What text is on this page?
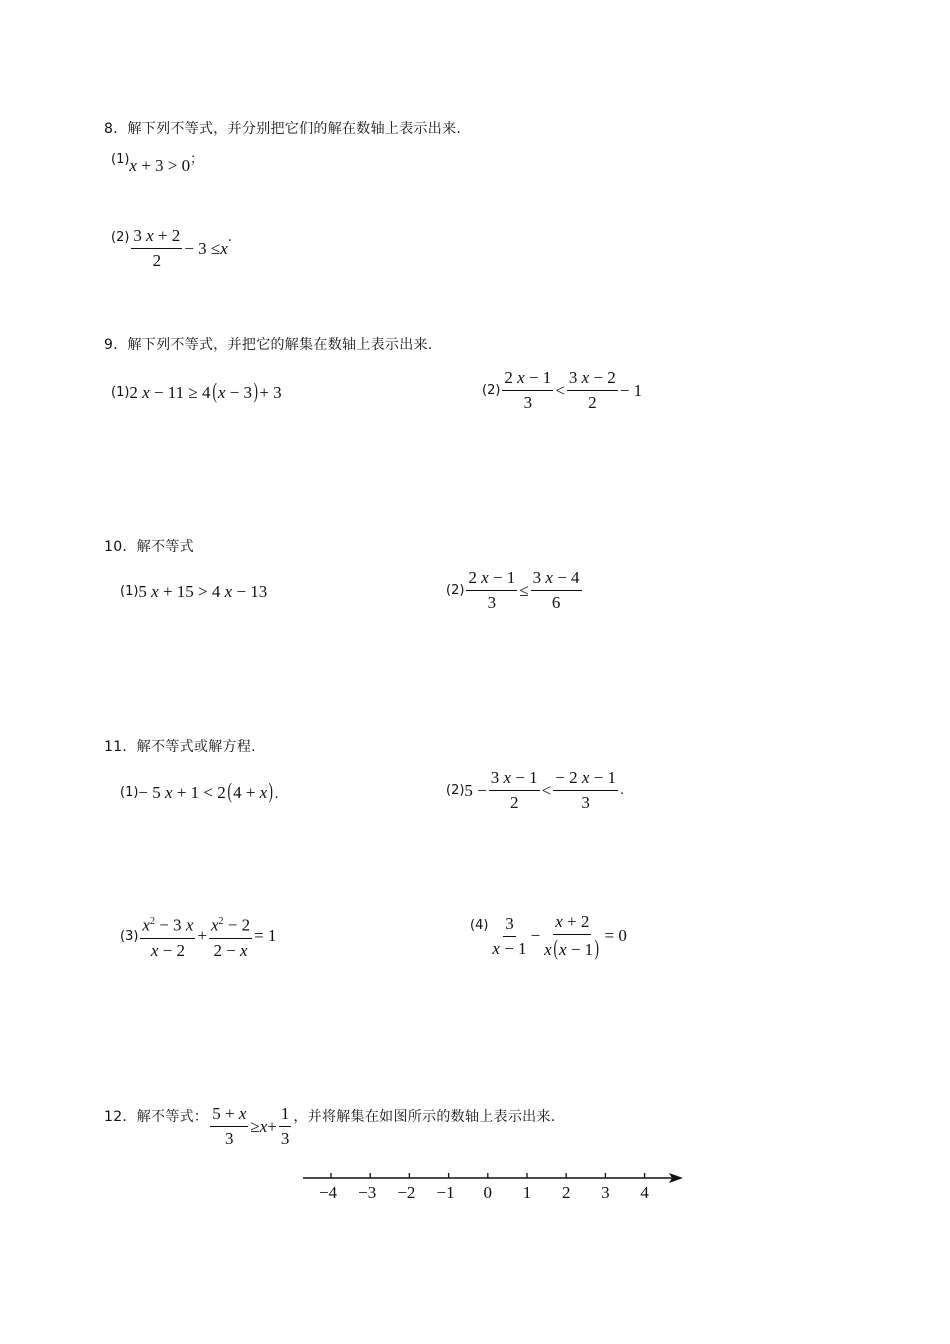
8．解下列不等式，并分别把它们的解在数轴上表示出来.
$^{(1)}$x + 3 > 0；
$(2) \frac{3 x + 2}{2} - 3 \le x$
.
9．解下列不等式，并把它的解集在数轴上表示出来.
(1)2 x − 11 ≥ 4(x − 3)+ 3	$(2) \frac{2 x - 1}{3} < \frac{3 x - 2}{2} - 1$
10．解不等式
(1)5 x + 15 > 4 x − 13	$(2) \frac{2 x - 1}{3} \le \frac{3 x - 4}{6}$
11．解不等式或解方程.
(1)− 5 x + 1 < 2(4 + x).	(2) $5 - \frac{3 x - 1}{2} < \frac{- 2 x - 1}{3}$ .
$(3) \frac{x^2 - 3 x}{x - 2} + \frac{x^2 - 2}{2 - x} = 1$
$(4) \frac{3}{x - 1} - \frac{x + 2}{x(x - 1)} = 0$
12．解不等式： $\frac{5 + x}{3} \ge x + \frac{1}{3}$ ，并将解集在如图所示的数轴上表示出来.
−4	−3	−2	−1	0	1	2	3	4
